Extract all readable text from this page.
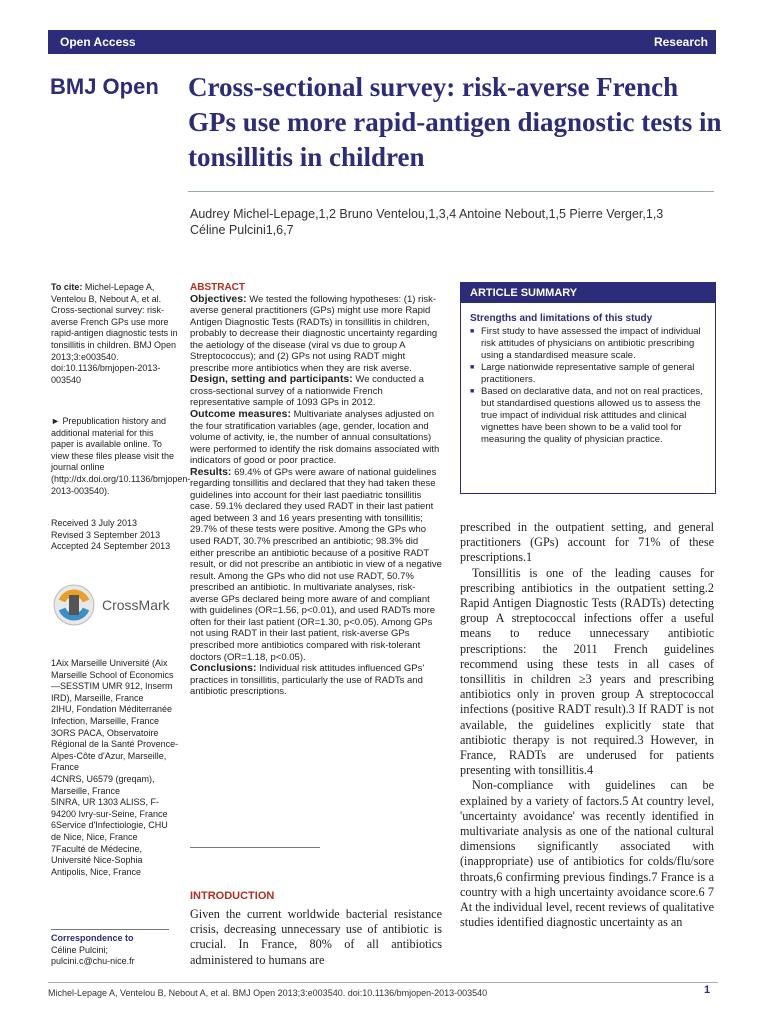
Open Access	Research
BMJ Open Cross-sectional survey: risk-averse French GPs use more rapid-antigen diagnostic tests in tonsillitis in children
Audrey Michel-Lepage,1,2 Bruno Ventelou,1,3,4 Antoine Nebout,1,5 Pierre Verger,1,3
Céline Pulcini1,6,7
To cite: Michel-Lepage A, Ventelou B, Nebout A, et al. Cross-sectional survey: risk-averse French GPs use more rapid-antigen diagnostic tests in tonsillitis in children. BMJ Open 2013;3:e003540. doi:10.1136/bmjopen-2013-003540
► Prepublication history and additional material for this paper is available online. To view these files please visit the journal online (http://dx.doi.org/10.1136/bmjopen-2013-003540).
Received 3 July 2013
Revised 3 September 2013
Accepted 24 September 2013
CrossMark
1Aix Marseille Université (Aix Marseille School of Economics—SESSTIM UMR 912, Inserm IRD), Marseille, France
2IHU, Fondation Méditerranée Infection, Marseille, France
3ORS PACA, Observatoire Régional de la Santé Provence-Alpes-Côte d'Azur, Marseille, France
4CNRS, U6579 (greqam), Marseille, France
5INRA, UR 1303 ALISS, F-94200 Ivry-sur-Seine, France
6Service d'Infectiologie, CHU de Nice, Nice, France
7Faculté de Médecine, Université Nice-Sophia Antipolis, Nice, France
Correspondence to
Céline Pulcini;
pulcini.c@chu-nice.fr
ABSTRACT
Objectives: We tested the following hypotheses: (1) risk-averse general practitioners (GPs) might use more Rapid Antigen Diagnostic Tests (RADTs) in tonsillitis in children, probably to decrease their diagnostic uncertainty regarding the aetiology of the disease (viral vs due to group A Streptococcus); and (2) GPs not using RADT might prescribe more antibiotics when they are risk averse.
Design, setting and participants: We conducted a cross-sectional survey of a nationwide French representative sample of 1093 GPs in 2012.
Outcome measures: Multivariate analyses adjusted on the four stratification variables (age, gender, location and volume of activity, ie, the number of annual consultations) were performed to identify the risk domains associated with indicators of good or poor practice.
Results: 69.4% of GPs were aware of national guidelines regarding tonsillitis and declared that they had taken these guidelines into account for their last paediatric tonsillitis case. 59.1% declared they used RADT in their last patient aged between 3 and 16 years presenting with tonsillitis; 29.7% of these tests were positive. Among the GPs who used RADT, 30.7% prescribed an antibiotic; 98.3% did either prescribe an antibiotic because of a positive RADT result, or did not prescribe an antibiotic in view of a negative result. Among the GPs who did not use RADT, 50.7% prescribed an antibiotic. In multivariate analyses, risk-averse GPs declared being more aware of and compliant with guidelines (OR=1.56, p<0.01), and used RADTs more often for their last patient (OR=1.30, p<0.05). Among GPs not using RADT in their last patient, risk-averse GPs prescribed more antibiotics compared with risk-tolerant doctors (OR=1.18, p<0.05).
Conclusions: Individual risk attitudes influenced GPs' practices in tonsillitis, particularly the use of RADTs and antibiotic prescriptions.
ARTICLE SUMMARY
Strengths and limitations of this study
■ First study to have assessed the impact of individual risk attitudes of physicians on antibiotic prescribing using a standardised measure scale.
■ Large nationwide representative sample of general practitioners.
■ Based on declarative data, and not on real practices, but standardised questions allowed us to assess the true impact of individual risk attitudes and clinical vignettes have been shown to be a valid tool for measuring the quality of physician practice.
prescribed in the outpatient setting, and general practitioners (GPs) account for 71% of these prescriptions.1
Tonsillitis is one of the leading causes for prescribing antibiotics in the outpatient setting.2 Rapid Antigen Diagnostic Tests (RADTs) detecting group A streptococcal infections offer a useful means to reduce unnecessary antibiotic prescriptions: the 2011 French guidelines recommend using these tests in all cases of tonsillitis in children ≥3 years and prescribing antibiotics only in proven group A streptococcal infections (positive RADT result).3 If RADT is not available, the guidelines explicitly state that antibiotic therapy is not required.3 However, in France, RADTs are underused for patients presenting with tonsillitis.4
Non-compliance with guidelines can be explained by a variety of factors.5 At country level, 'uncertainty avoidance' was recently identified in multivariate analysis as one of the national cultural dimensions significantly associated with (inappropriate) use of antibiotics for colds/flu/sore throats,6 confirming previous findings.7 France is a country with a high uncertainty avoidance score.6 7 At the individual level, recent reviews of qualitative studies identified diagnostic uncertainty as an
INTRODUCTION
Given the current worldwide bacterial resistance crisis, decreasing unnecessary use of antibiotic is crucial. In France, 80% of all antibiotics administered to humans are
Michel-Lepage A, Ventelou B, Nebout A, et al. BMJ Open 2013;3:e003540. doi:10.1136/bmjopen-2013-003540	1
